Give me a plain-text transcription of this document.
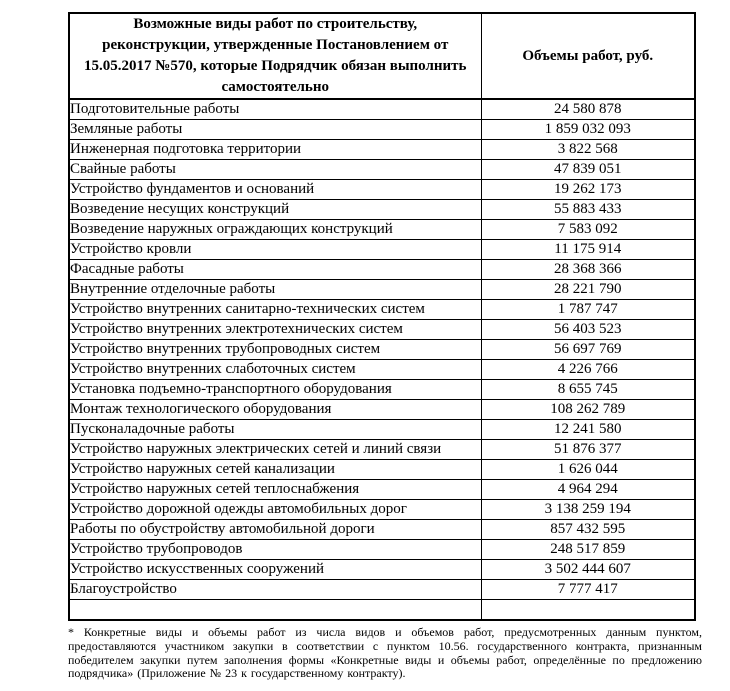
Возможные виды работ по строительству, реконструкции, утвержденные Постановлением от 15.05.2017 №570, которые Подрядчик обязан выполнить самостоятельно	Объемы работ, руб.
Подготовительные работы	24 580 878
Земляные работы	1 859 032 093
Инженерная подготовка территории	3 822 568
Свайные работы	47 839 051
Устройство фундаментов и оснований	19 262 173
Возведение несущих конструкций	55 883 433
Возведение наружных ограждающих конструкций	7 583 092
Устройство кровли	11 175 914
Фасадные работы	28 368 366
Внутренние отделочные работы	28 221 790
Устройство внутренних санитарно-технических систем	1 787 747
Устройство внутренних электротехнических систем	56 403 523
Устройство внутренних трубопроводных систем	56 697 769
Устройство внутренних слаботочных систем	4 226 766
Установка подъемно-транспортного оборудования	8 655 745
Монтаж технологического оборудования	108 262 789
Пусконаладочные работы	12 241 580
Устройство наружных электрических сетей и линий связи	51 876 377
Устройство наружных сетей канализации	1 626 044
Устройство наружных сетей теплоснабжения	4 964 294
Устройство дорожной одежды автомобильных дорог	3 138 259 194
Работы по обустройству автомобильной дороги	857 432 595
Устройство трубопроводов	248 517 859
Устройство искусственных сооружений	3 502 444 607
Благоустройство	7 777 417

* Конкретные виды и объемы работ из числа видов и объемов работ, предусмотренных данным пунктом, предоставляются участником закупки в соответствии с пунктом 10.56. государственного контракта, признанным победителем закупки путем заполнения формы «Конкретные виды и объемы работ, определённые по предложению подрядчика» (Приложение № 23 к государственному контракту).
